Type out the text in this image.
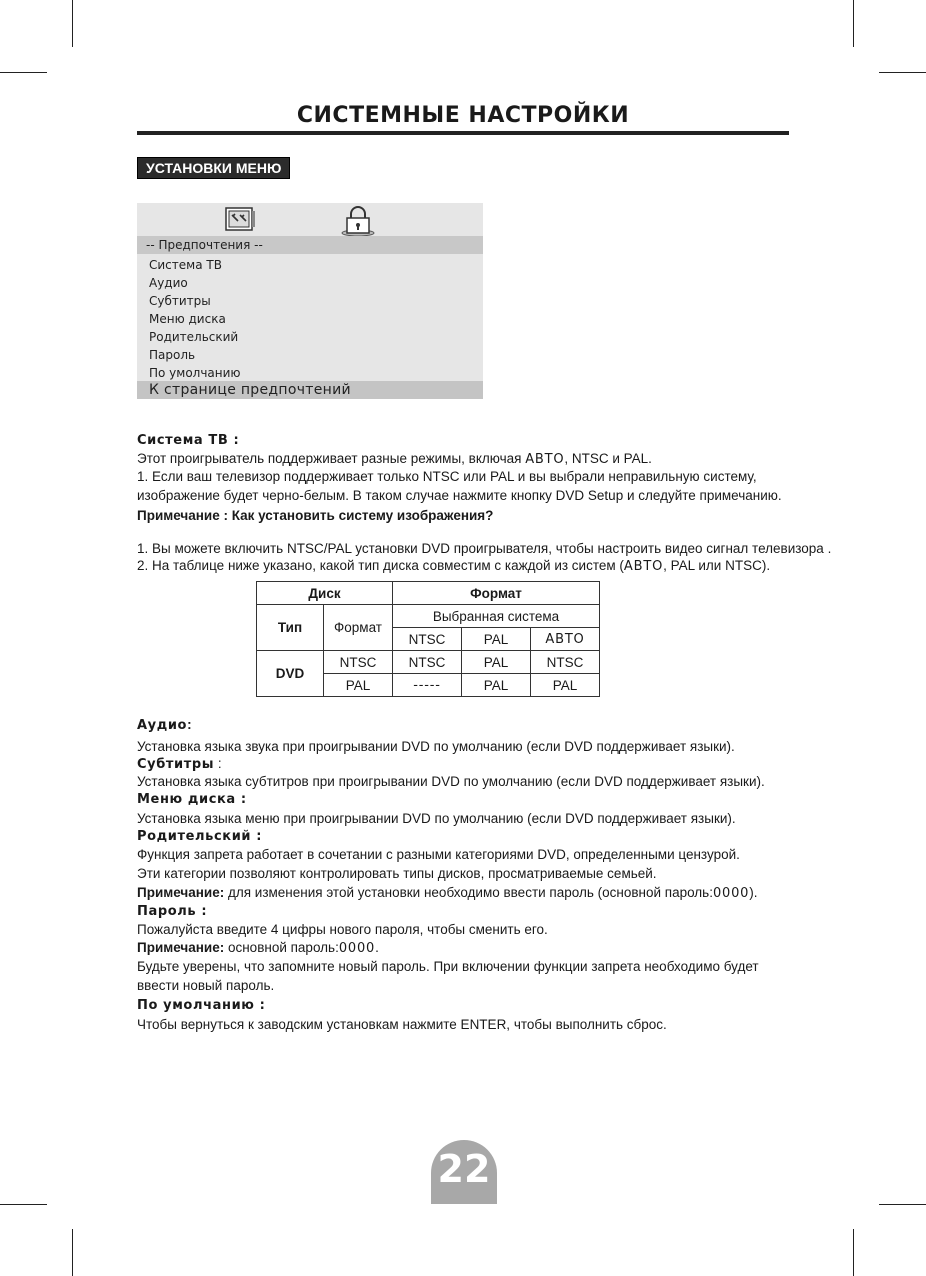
СИСТЕМНЫЕ НАСТРОЙКИ
УСТАНОВКИ МЕНЮ
-- Предпочтения --
Система ТВ
Аудио
Субтитры
Меню диска
Родительский
Пароль
По умолчанию
К странице предпочтений
Система ТВ :
Этот проигрыватель поддерживает разные режимы, включая АВТО, NTSC и PAL.
1. Если ваш телевизор поддерживает только NTSC или PAL и вы выбрали неправильную систему,
изображение будет черно-белым. В таком случае нажмите кнопку DVD Setup и следуйте примечанию.
Примечание : Как установить систему изображения?
1. Вы можете включить NTSC/PAL установки DVD проигрывателя, чтобы настроить видео сигнал телевизора .
2. На таблице ниже указано, какой тип диска совместим с каждой из систем (АВТО, PAL или NTSC).
Диск		Формат		
Тип	Формат	Выбранная система		
		NTSC	PAL	АВТО
DVD	NTSC	NTSC	PAL	NTSC
	PAL	-----	PAL	PAL
Аудио:
Установка языка звука при проигрывании DVD по умолчанию (если DVD поддерживает языки).
Субтитры :
Установка языка субтитров при проигрывании DVD по умолчанию (если DVD поддерживает языки).
Меню диска :
Установка языка меню при проигрывании DVD по умолчанию (если DVD поддерживает языки).
Родительский :
Функция запрета работает в сочетании с разными категориями DVD, определенными цензурой.
Эти категории позволяют контролировать типы дисков, просматриваемые семьей.
Примечание: для изменения этой установки необходимо ввести пароль (основной пароль:0000).
Пароль :
Пожалуйста введите 4 цифры нового пароля, чтобы сменить его.
Примечание: основной пароль:0000.
Будьте уверены, что запомните новый пароль. При включении функции запрета необходимо будет
ввести новый пароль.
По умолчанию :
Чтобы вернуться к заводским установкам нажмите ENTER, чтобы выполнить сброс.
22
